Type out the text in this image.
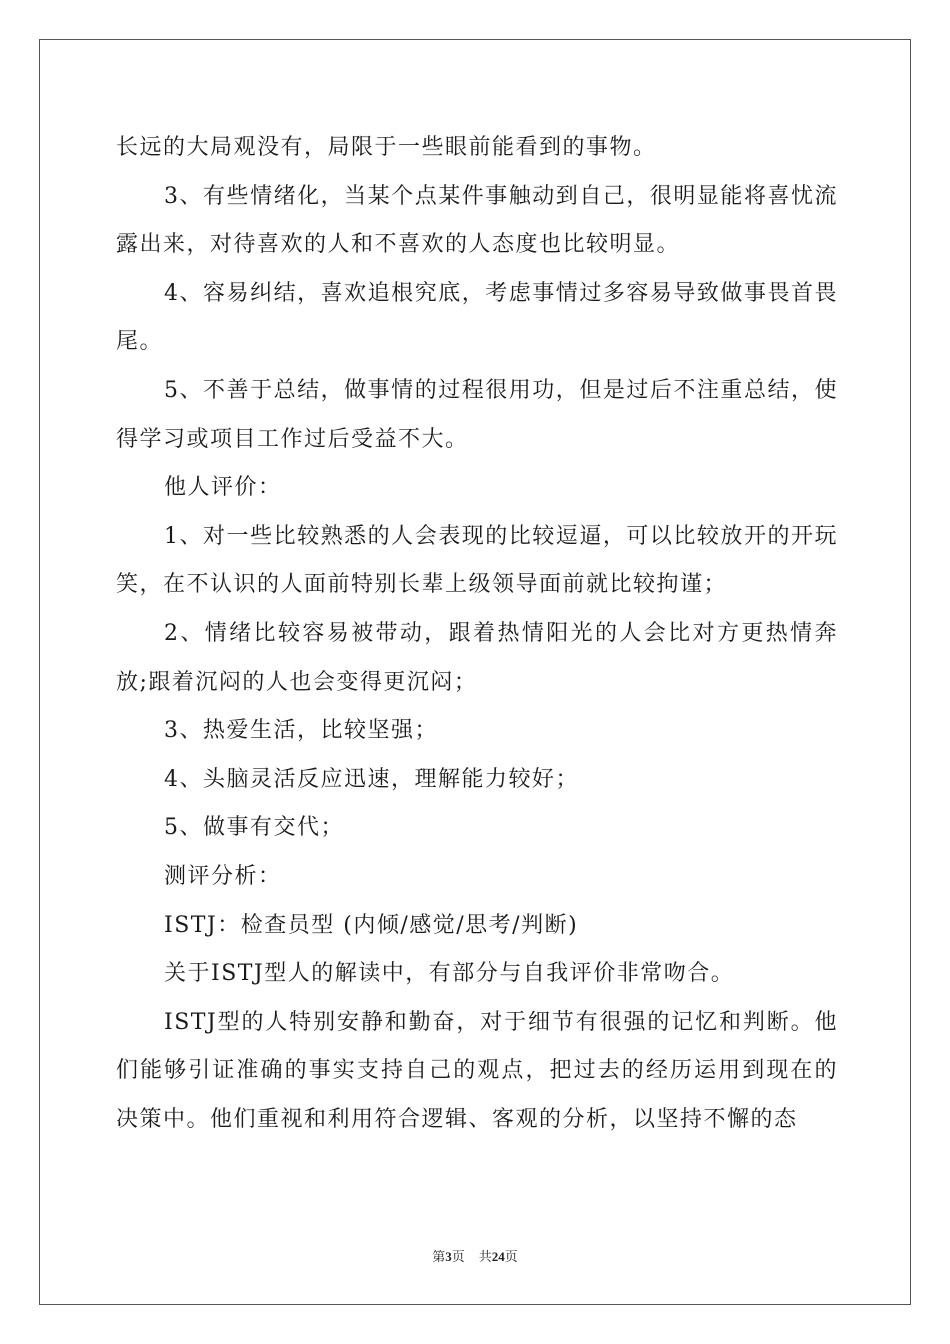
长远的大局观没有，局限于一些眼前能看到的事物。

3、有些情绪化，当某个点某件事触动到自己，很明显能将喜忧流露出来，对待喜欢的人和不喜欢的人态度也比较明显。

4、容易纠结，喜欢追根究底，考虑事情过多容易导致做事畏首畏尾。

5、不善于总结，做事情的过程很用功，但是过后不注重总结，使得学习或项目工作过后受益不大。

他人评价：

1、对一些比较熟悉的人会表现的比较逗逼，可以比较放开的开玩笑，在不认识的人面前特别长辈上级领导面前就比较拘谨；

2、情绪比较容易被带动，跟着热情阳光的人会比对方更热情奔放;跟着沉闷的人也会变得更沉闷；

3、热爱生活，比较坚强；

4、头脑灵活反应迅速，理解能力较好；

5、做事有交代；

测评分析：

ISTJ：检查员型 (内倾/感觉/思考/判断)

关于ISTJ型人的解读中，有部分与自我评价非常吻合。

ISTJ型的人特别安静和勤奋，对于细节有很强的记忆和判断。他们能够引证准确的事实支持自己的观点，把过去的经历运用到现在的决策中。他们重视和利用符合逻辑、客观的分析，以坚持不懈的态

第3页 共24页
